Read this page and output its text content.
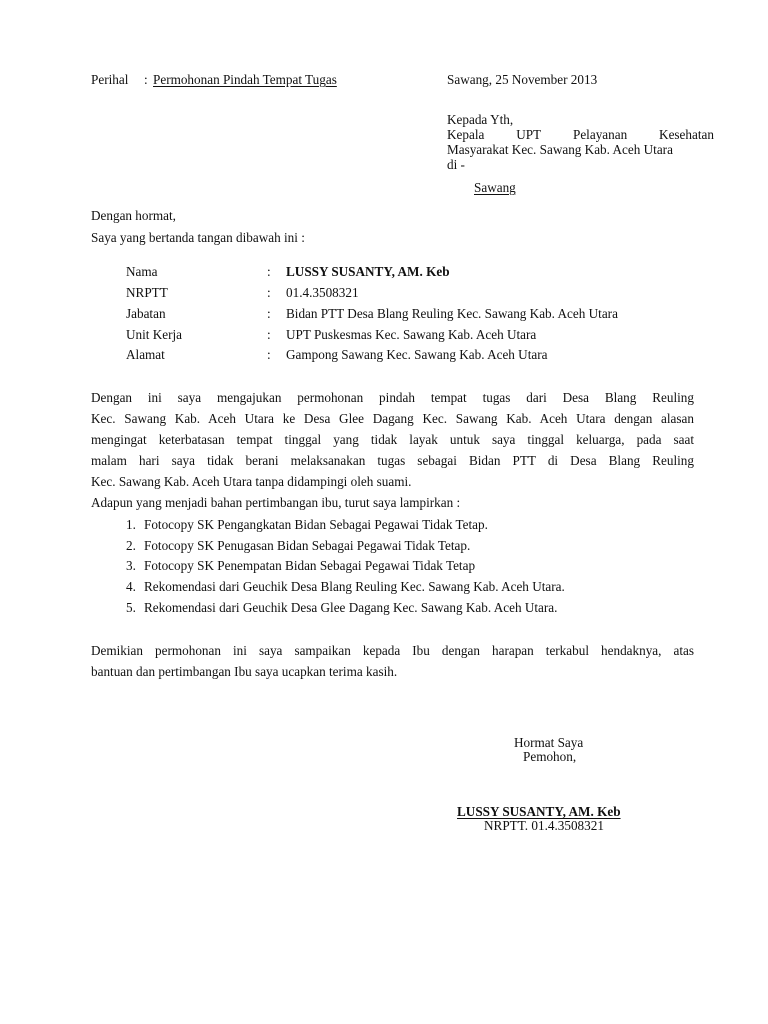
Perihal : Permohonan Pindah Tempat Tugas	Sawang, 25 November 2013
Kepada Yth,
Kepala UPT Pelayanan Kesehatan
Masyarakat Kec. Sawang Kab. Aceh Utara
di -
Sawang
Dengan hormat,
Saya yang bertanda tangan dibawah ini :
Nama	: LUSSY SUSANTY, AM. Keb
NRPTT	: 01.4.3508321
Jabatan	: Bidan PTT Desa Blang Reuling Kec. Sawang Kab. Aceh Utara
Unit Kerja	: UPT Puskesmas Kec. Sawang Kab. Aceh Utara
Alamat	: Gampong Sawang Kec. Sawang Kab. Aceh Utara
Dengan ini saya mengajukan permohonan pindah tempat tugas dari Desa Blang Reuling
Kec. Sawang Kab. Aceh Utara ke Desa Glee Dagang Kec. Sawang Kab. Aceh Utara dengan alasan
mengingat keterbatasan tempat tinggal yang tidak layak untuk saya tinggal keluarga, pada saat
malam hari saya tidak berani melaksanakan tugas sebagai Bidan PTT di Desa Blang Reuling
Kec. Sawang Kab. Aceh Utara tanpa didampingi oleh suami.
Adapun yang menjadi bahan pertimbangan ibu, turut saya lampirkan :
1. Fotocopy SK Pengangkatan Bidan Sebagai Pegawai Tidak Tetap.
2. Fotocopy SK Penugasan Bidan Sebagai Pegawai Tidak Tetap.
3. Fotocopy SK Penempatan Bidan Sebagai Pegawai Tidak Tetap
4. Rekomendasi dari Geuchik Desa Blang Reuling Kec. Sawang Kab. Aceh Utara.
5. Rekomendasi dari Geuchik Desa Glee Dagang Kec. Sawang Kab. Aceh Utara.
Demikian permohonan ini saya sampaikan kepada Ibu dengan harapan terkabul hendaknya, atas
bantuan dan pertimbangan Ibu saya ucapkan terima kasih.
Hormat Saya
Pemohon,
LUSSY SUSANTY, AM. Keb
NRPTT. 01.4.3508321
